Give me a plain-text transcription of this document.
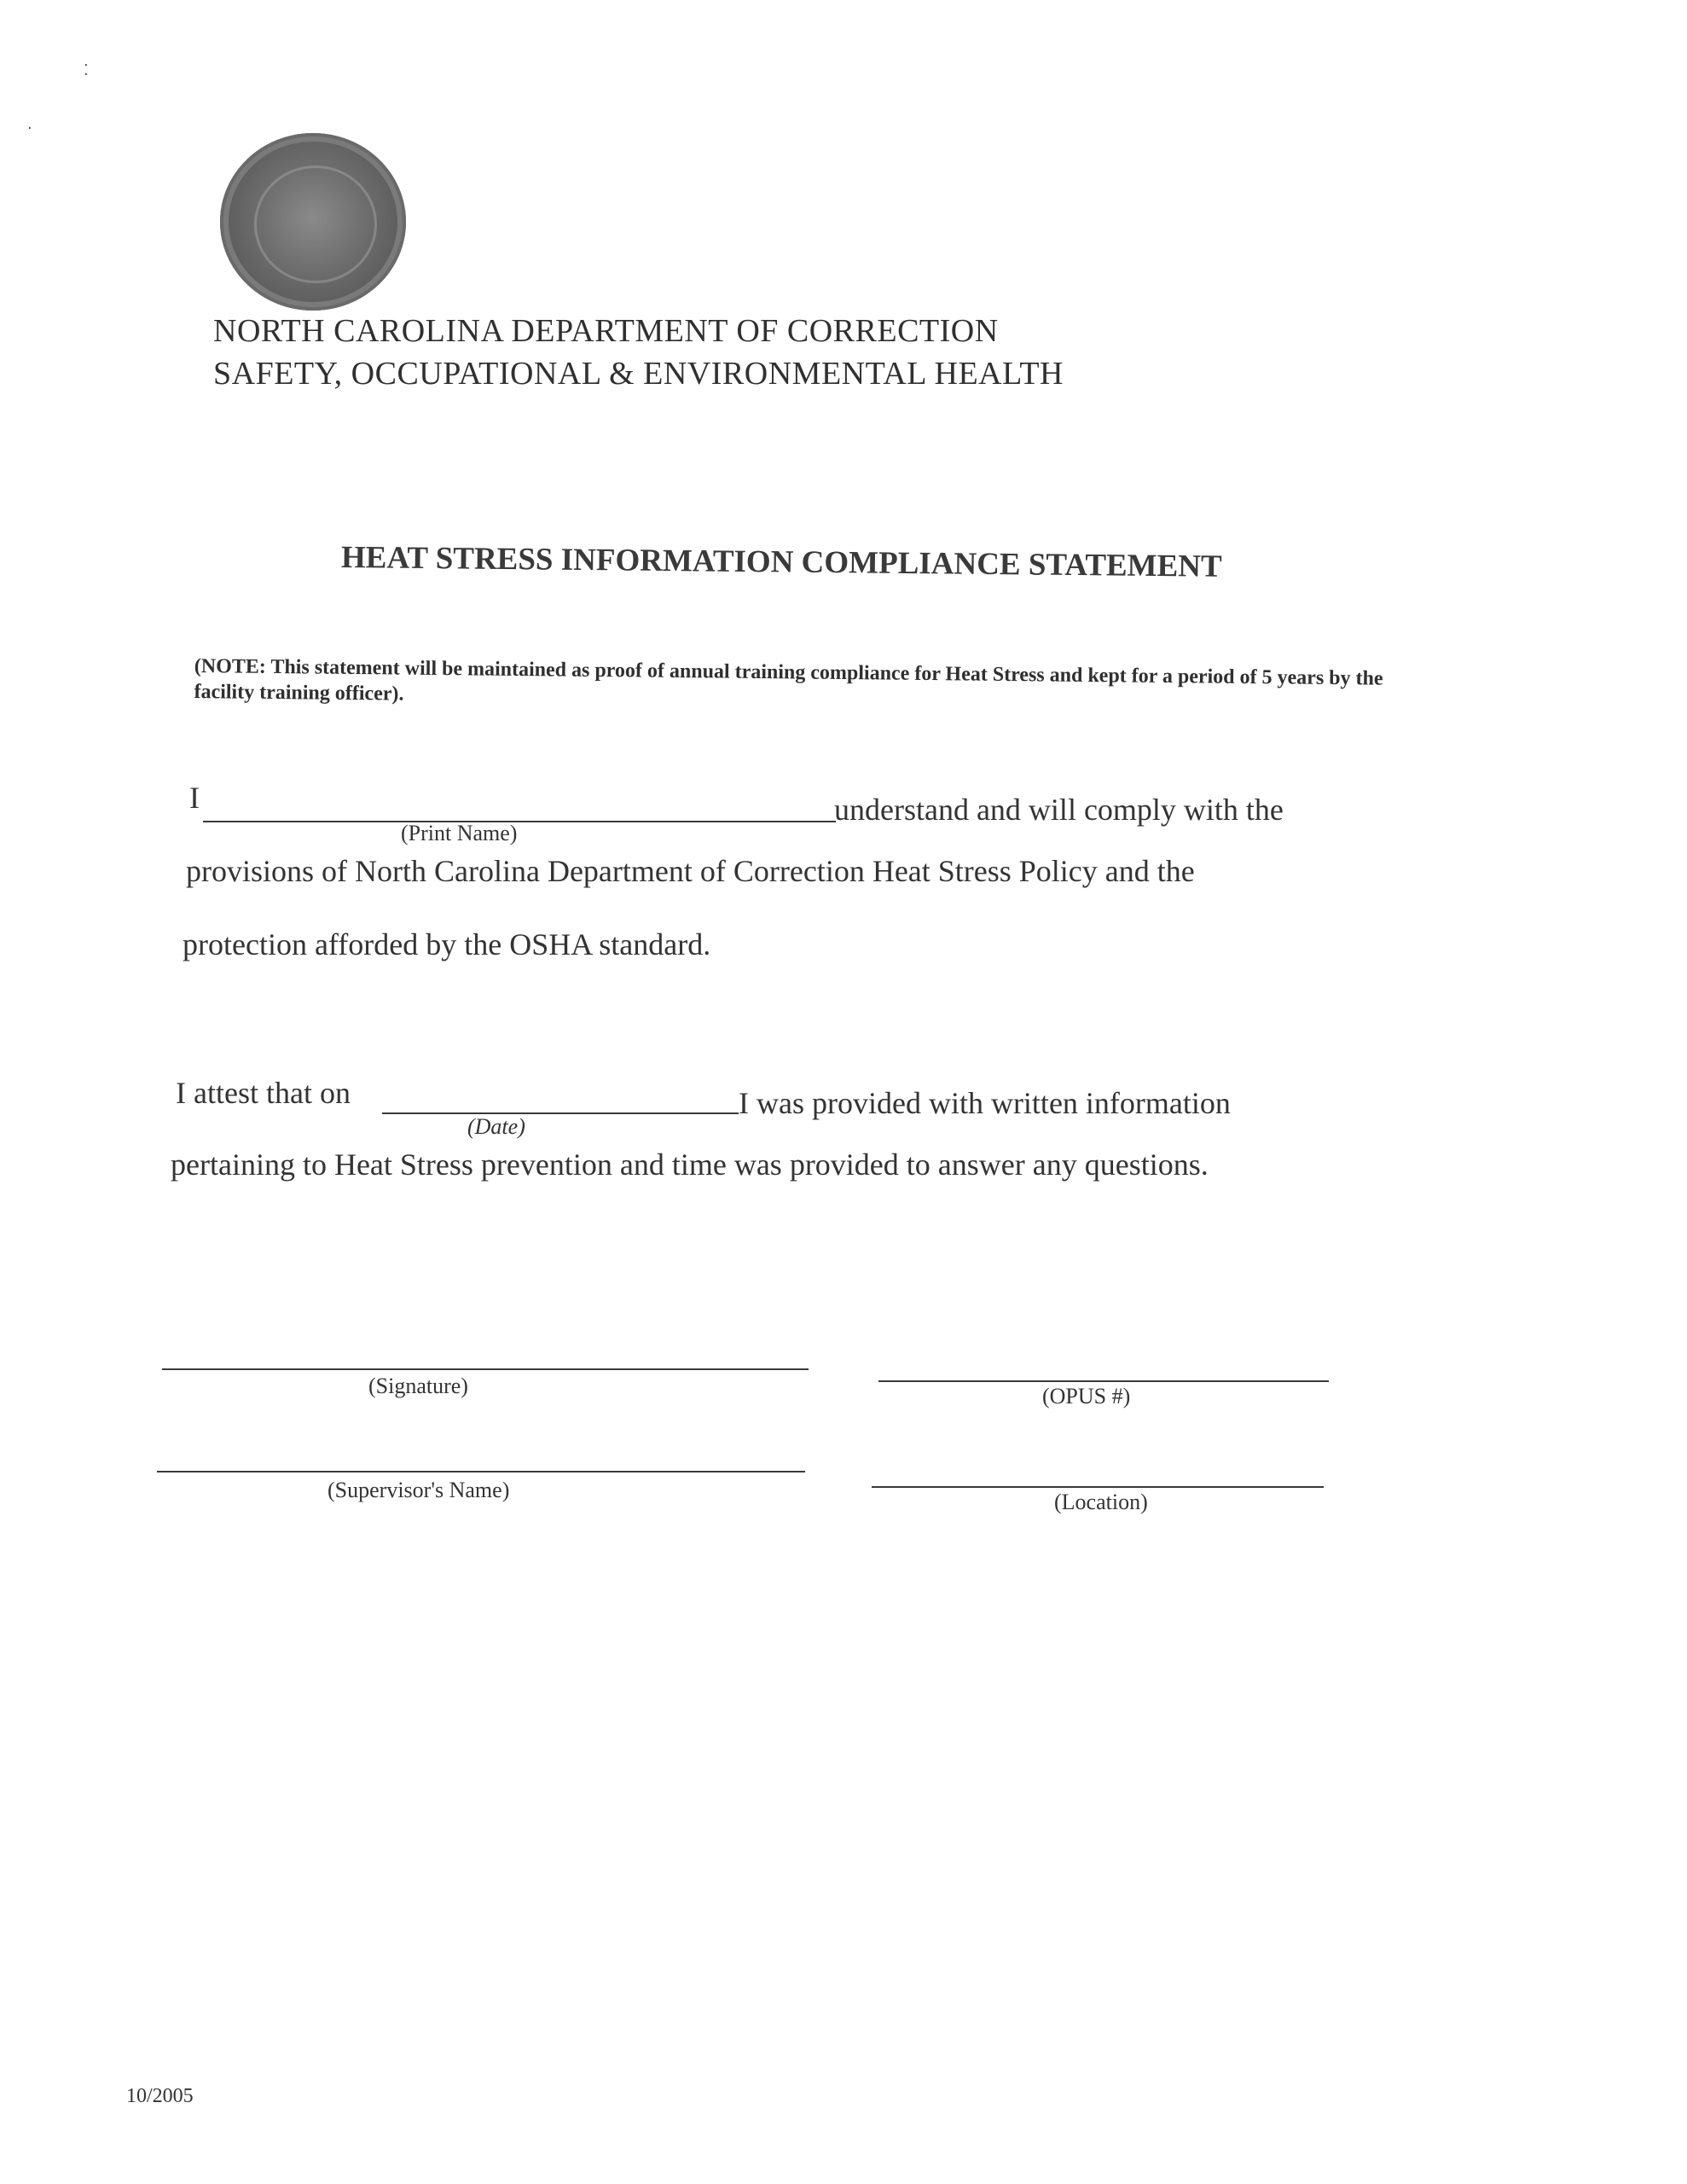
⁚
·
NORTH CAROLINA DEPARTMENT OF CORRECTION
SAFETY, OCCUPATIONAL & ENVIRONMENTAL HEALTH
HEAT STRESS INFORMATION COMPLIANCE STATEMENT
(NOTE: This statement will be maintained as proof of annual training compliance for Heat Stress and kept for a period of 5 years by the facility training officer).
I	understand and will comply with the
(Print Name)
provisions of North Carolina Department of Correction Heat Stress Policy and the
protection afforded by the OSHA standard.
I attest that on	I was provided with written information
(Date)
pertaining to Heat Stress prevention and time was provided to answer any questions.
(Signature)	(OPUS #)
(Supervisor's Name)	(Location)
10/2005
